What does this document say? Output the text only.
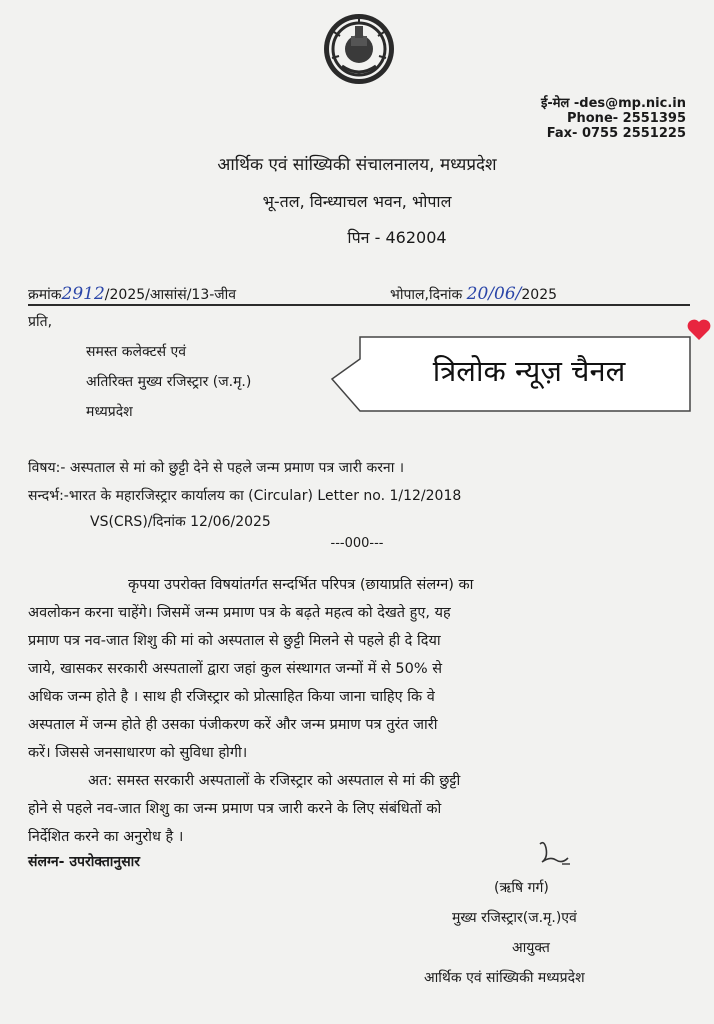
ई-मेल -des@mp.nic.in
Phone- 2551395
Fax- 0755 2551225
आर्थिक एवं सांख्यिकी संचालनालय, मध्यप्रदेश
भू-तल, विन्ध्याचल भवन, भोपाल
पिन - 462004
क्रमांक2912/2025/आसांसं/13-जीव	भोपाल,दिनांक 20/06/2025
प्रति,
समस्त कलेक्टर्स एवं
अतिरिक्त मुख्य रजिस्ट्रार (ज.मृ.)
मध्यप्रदेश
त्रिलोक न्यूज़ चैनल
विषय:- अस्पताल से मां को छुट्टी देने से पहले जन्म प्रमाण पत्र जारी करना ।
सन्दर्भ:-भारत के महारजिस्ट्रार कार्यालय का (Circular) Letter no. 1/12/2018
VS(CRS)/दिनांक 12/06/2025
---000---
कृपया उपरोक्त विषयांतर्गत सन्दर्भित परिपत्र (छायाप्रति संलग्न) का
अवलोकन करना चाहेंगे। जिसमें जन्म प्रमाण पत्र के बढ़ते महत्व को देखते हुए, यह
प्रमाण पत्र नव-जात शिशु की मां को अस्पताल से छुट्टी मिलने से पहले ही दे दिया
जाये, खासकर सरकारी अस्पतालों द्वारा जहां कुल संस्थागत जन्मों में से 50% से
अधिक जन्म होते है । साथ ही रजिस्ट्रार को प्रोत्साहित किया जाना चाहिए कि वे
अस्पताल में जन्म होते ही उसका पंजीकरण करें और जन्म प्रमाण पत्र तुरंत जारी
करें। जिससे जनसाधारण को सुविधा होगी।
अत: समस्त सरकारी अस्पतालों के रजिस्ट्रार को अस्पताल से मां की छुट्टी
होने से पहले नव-जात शिशु का जन्म प्रमाण पत्र जारी करने के लिए संबंधितों को
निर्देशित करने का अनुरोध है ।
संलग्न- उपरोक्तानुसार
(ऋषि गर्ग)
मुख्य रजिस्ट्रार(ज.मृ.)एवं
आयुक्त
आर्थिक एवं सांख्यिकी मध्यप्रदेश
